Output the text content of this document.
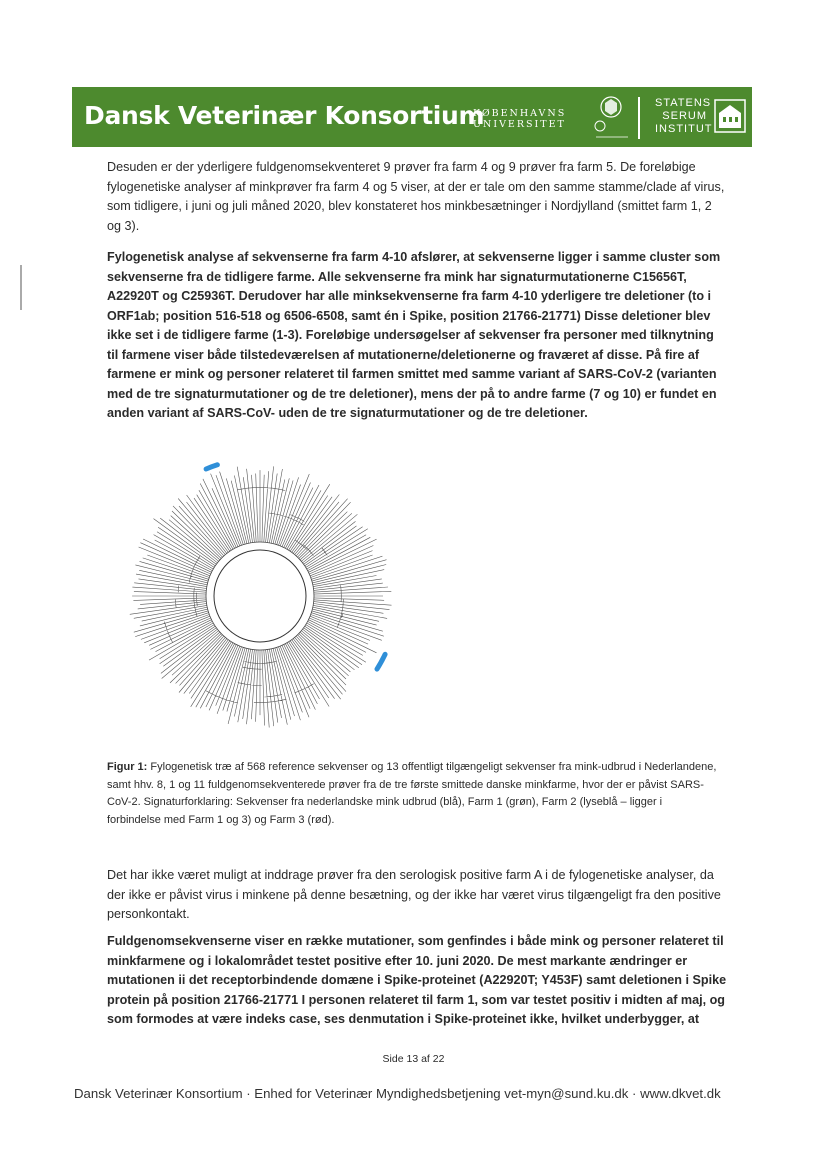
Dansk Veterinær Konsortium
KØBENHAVNS
UNIVERSITET
STATENS
SERUM
INSTITUT

Desuden er der yderligere fuldgenomsekventeret 9 prøver fra farm 4 og 9 prøver fra farm 5. De foreløbige fylogenetiske analyser af minkprøver fra farm 4 og 5 viser, at der er tale om den samme stamme/clade af virus, som tidligere, i juni og juli måned 2020, blev konstateret hos minkbesætninger i Nordjylland (smittet farm 1, 2 og 3).

Fylogenetisk analyse af sekvenserne fra farm 4-10 afslører, at sekvenserne ligger i samme cluster som sekvenserne fra de tidligere farme. Alle sekvenserne fra mink har signaturmutationerne C15656T, A22920T og C25936T. Derudover har alle minksekvenserne fra farm 4-10 yderligere tre deletioner (to i ORF1ab; position 516-518 og 6506-6508, samt én i Spike, position 21766-21771) Disse deletioner blev ikke set i de tidligere farme (1-3). Foreløbige undersøgelser af sekvenser fra personer med tilknytning til farmene viser både tilstedeværelsen af mutationerne/deletionerne og fraværet af disse. På fire af farmene er mink og personer relateret til farmen smittet med samme variant af SARS-CoV-2 (varianten med de tre signaturmutationer og de tre deletioner), mens der på to andre farme (7 og 10) er fundet en anden variant af SARS-CoV- uden de tre signaturmutationer og de tre deletioner.

Figur 1: Fylogenetisk træ af 568 reference sekvenser og 13 offentligt tilgængeligt sekvenser fra mink-udbrud i Nederlandene, samt hhv. 8, 1 og 11 fuldgenomsekventerede prøver fra de tre første smittede danske minkfarme, hvor der er påvist SARS-CoV-2. Signaturforklaring: Sekvenser fra nederlandske mink udbrud (blå), Farm 1 (grøn), Farm 2 (lyseblå – ligger i forbindelse med Farm 1 og 3) og Farm 3 (rød).

Det har ikke været muligt at inddrage prøver fra den serologisk positive farm A i de fylogenetiske analyser, da der ikke er påvist virus i minkene på denne besætning, og der ikke har været virus tilgængeligt fra den positive personkontakt.

Fuldgenomsekvenserne viser en række mutationer, som genfindes i både mink og personer relateret til minkfarmene og i lokalområdet testet positive efter 10. juni 2020. De mest markante ændringer er mutationen ii det receptorbindende domæne i Spike-proteinet (A22920T; Y453F) samt deletionen i Spike protein på position 21766-21771 I personen relateret til farm 1, som var testet positiv i midten af maj, og som formodes at være indeks case, ses denmutation i Spike-proteinet ikke, hvilket underbygger, at

Side 13 af 22
Dansk Veterinær Konsortium · Enhed for Veterinær Myndighedsbetjening vet-myn@sund.ku.dk · www.dkvet.dk
